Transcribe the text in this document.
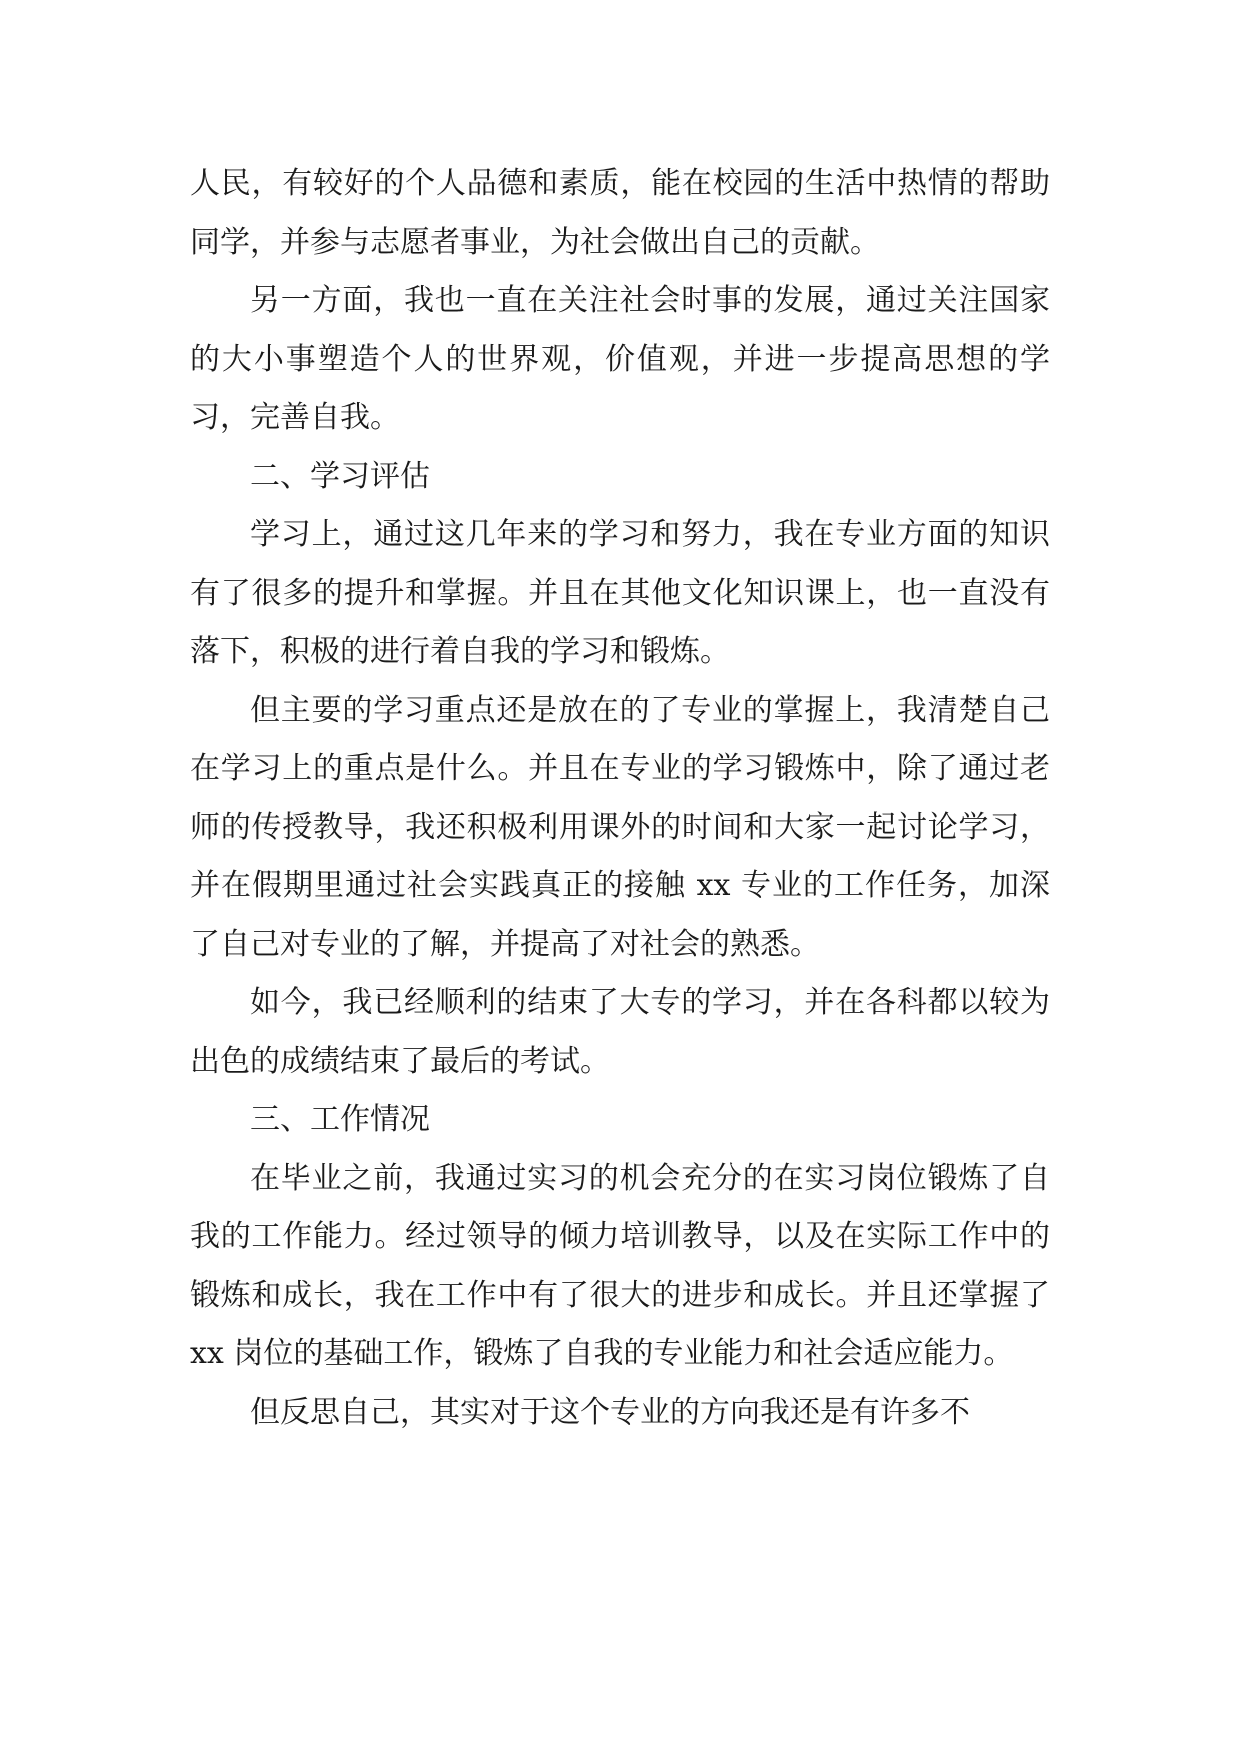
人民，有较好的个人品德和素质，能在校园的生活中热情的帮助同学，并参与志愿者事业，为社会做出自己的贡献。

另一方面，我也一直在关注社会时事的发展，通过关注国家的大小事塑造个人的世界观，价值观，并进一步提高思想的学习，完善自我。

二、学习评估

学习上，通过这几年来的学习和努力，我在专业方面的知识有了很多的提升和掌握。并且在其他文化知识课上，也一直没有落下，积极的进行着自我的学习和锻炼。

但主要的学习重点还是放在的了专业的掌握上，我清楚自己在学习上的重点是什么。并且在专业的学习锻炼中，除了通过老师的传授教导，我还积极利用课外的时间和大家一起讨论学习，并在假期里通过社会实践真正的接触 xx 专业的工作任务，加深了自己对专业的了解，并提高了对社会的熟悉。

如今，我已经顺利的结束了大专的学习，并在各科都以较为出色的成绩结束了最后的考试。

三、工作情况

在毕业之前，我通过实习的机会充分的在实习岗位锻炼了自我的工作能力。经过领导的倾力培训教导，以及在实际工作中的锻炼和成长，我在工作中有了很大的进步和成长。并且还掌握了 xx 岗位的基础工作，锻炼了自我的专业能力和社会适应能力。

但反思自己，其实对于这个专业的方向我还是有许多不
